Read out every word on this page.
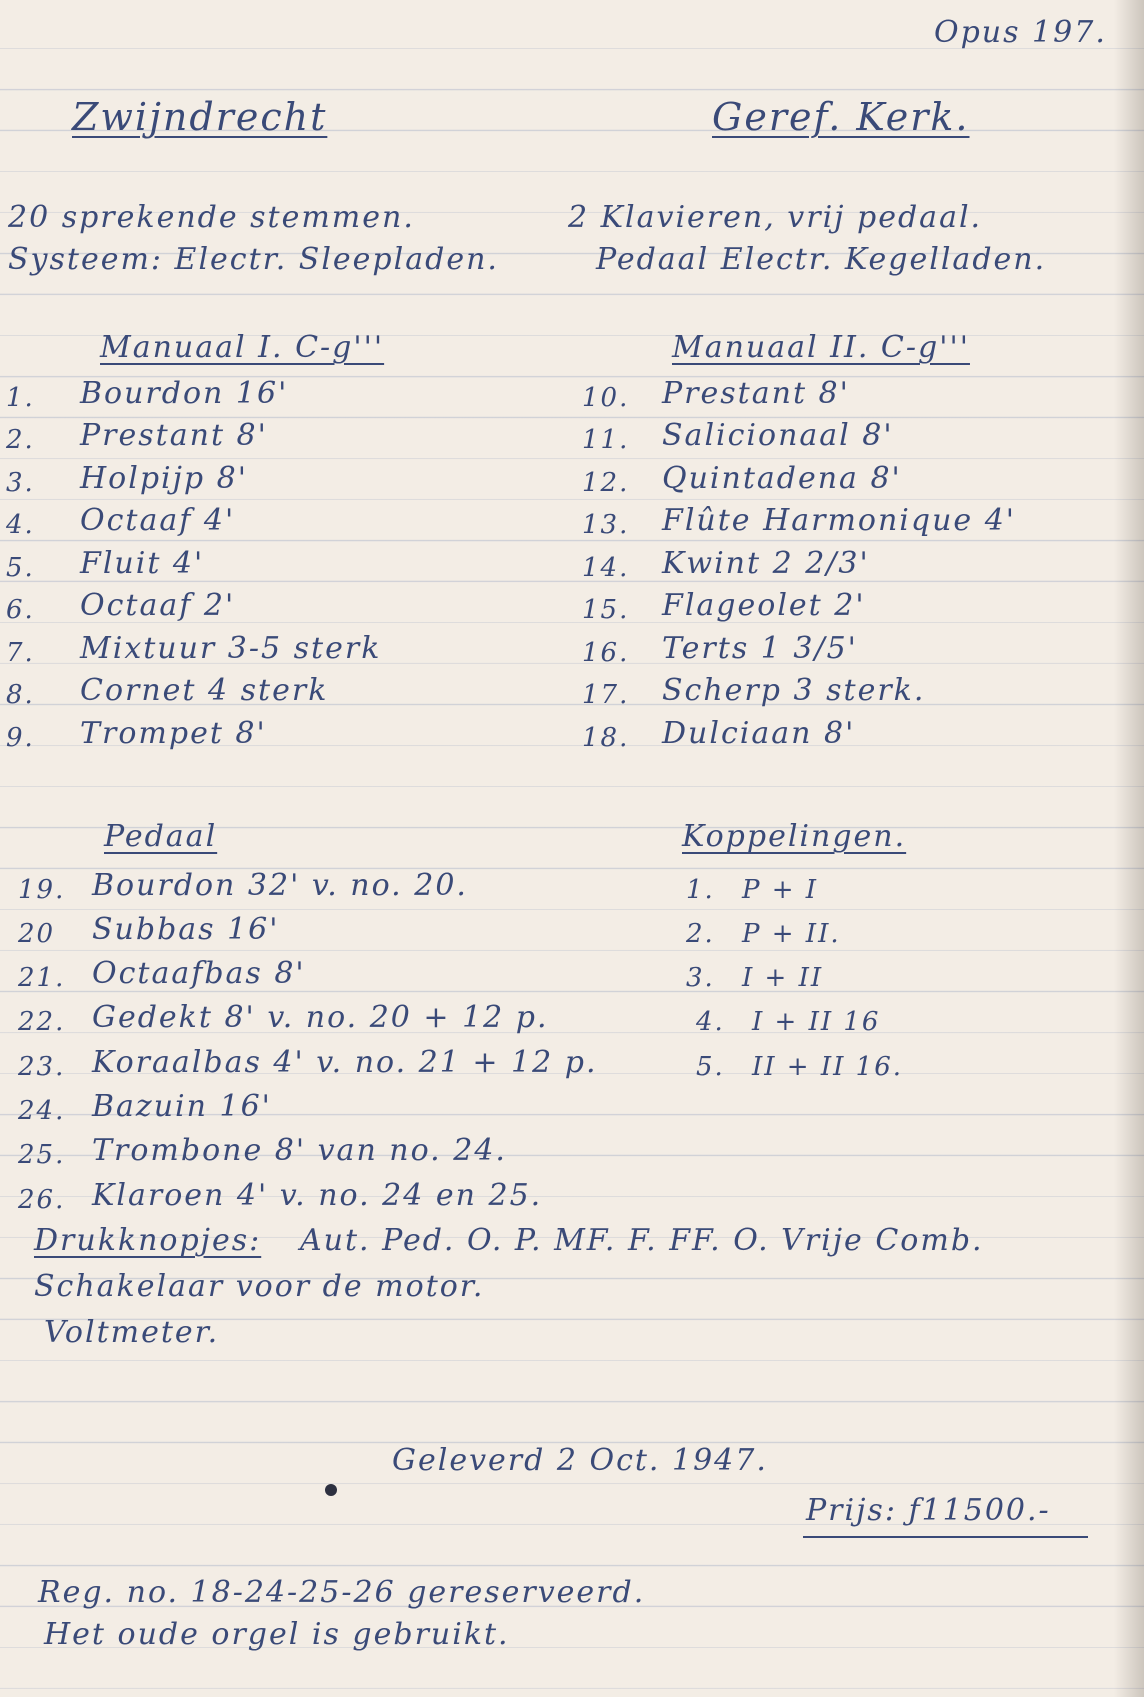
Opus 197.
Zwijndrecht	Geref. Kerk.
20 sprekende stemmen.	2 Klavieren, vrij pedaal.
Systeem: Electr. Sleepladen.	Pedaal Electr. Kegelladen.
Manuaal I. C-g'''
1.	Bourdon 16'
2.	Prestant 8'
3.	Holpijp 8'
4.	Octaaf 4'
5.	Fluit 4'
6.	Octaaf 2'
7.	Mixtuur 3-5 sterk
8.	Cornet 4 sterk
9.	Trompet 8'
Manuaal II. C-g'''
10.	Prestant 8'
11.	Salicionaal 8'
12.	Quintadena 8'
13.	Flûte Harmonique 4'
14.	Kwint 2 2/3'
15.	Flageolet 2'
16.	Terts 1 3/5'
17.	Scherp 3 sterk.
18.	Dulciaan 8'
Pedaal
19. Bourdon 32' v. no. 20.
20	Subbas 16'
21. Octaafbas 8'
22. Gedekt 8' v. no. 20 + 12 p.
23. Koraalbas 4' v. no. 21 + 12 p.
24. Bazuin 16'
25. Trombone 8' van no. 24.
26. Klaroen 4' v. no. 24 en 25.
Koppelingen.
1.	P + I
2.	P + II.
3.	I + II
4.	I + II 16
5.	II + II 16.
Drukknopjes: Aut. Ped. O. P. MF. F. FF. O. Vrije Comb.
Schakelaar voor de motor.
Voltmeter.
Geleverd 2 Oct. 1947.
Prijs: ƒ11500.-
Reg. no. 18-24-25-26 gereserveerd.
Het oude orgel is gebruikt.
